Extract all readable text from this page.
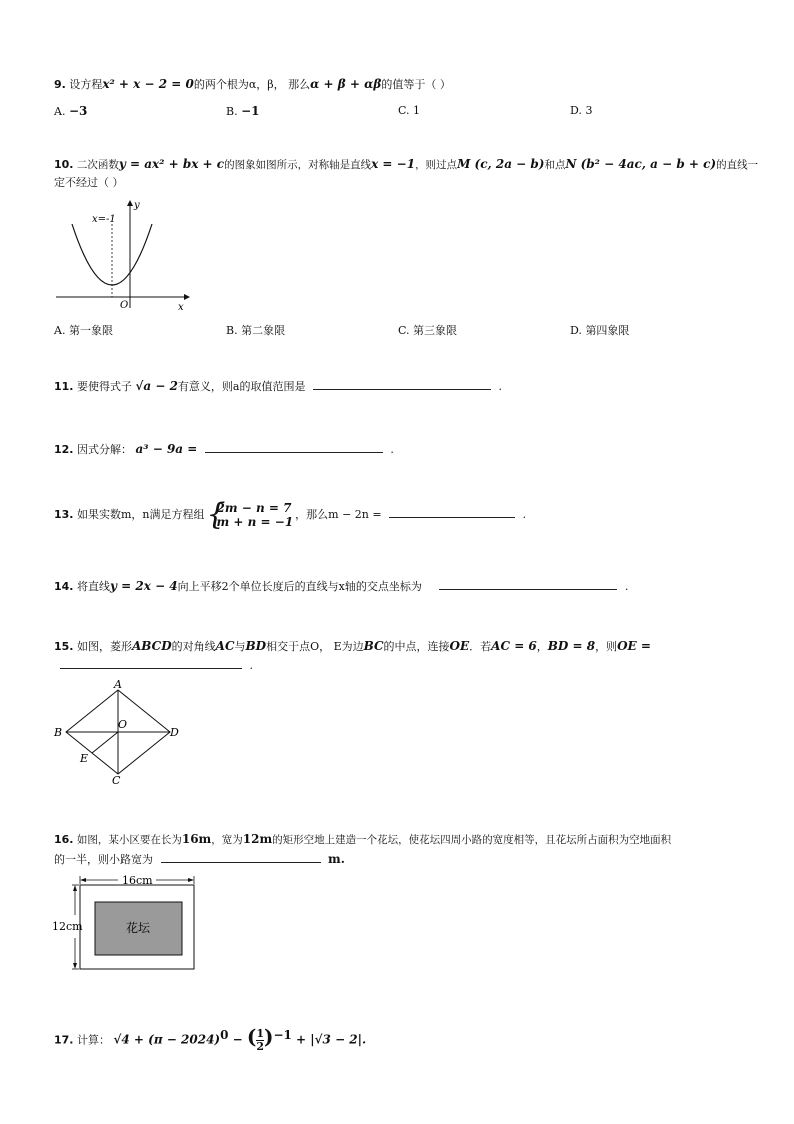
9. 设方程x² + x − 2 = 0的两个根为α，β， 那么α + β + αβ的值等于（ ）
A. −3	B. −1	C. 1	D. 3
10. 二次函数y = ax² + bx + c的图象如图所示，对称轴是直线x = −1，则过点M (c, 2a − b)和点N (b² − 4ac, a − b + c)的直线一
定不经过（ ）
x=-1
y
x
O
A. 第一象限	B. 第二象限	C. 第三象限	D. 第四象限
11. 要使得式子 √a − 2有意义，则a的取值范围是	.
12. 因式分解： a³ − 9a =	.
13. 如果实数m，n满足方程组 {
2m − n = 7
m + n = −1
，那么m − 2n =	.
14. 将直线y = 2x − 4向上平移2个单位长度后的直线与x轴的交点坐标为	.
15. 如图，菱形ABCD的对角线AC与BD相交于点O， E为边BC的中点，连接OE．若AC = 6，BD = 8，则OE =
.
A
B
C
D
O
E
16. 如图，某小区要在长为16m，宽为12m的矩形空地上建造一个花坛，使花坛四周小路的宽度相等，且花坛所占面积为空地面积
的一半，则小路宽为	m.
16cm
12cm	花坛
17. 计算： $√4 + (\pi - 2024)^0$ − ( $\frac{1}{2} )^{-1} + |√3 - 2|$.
